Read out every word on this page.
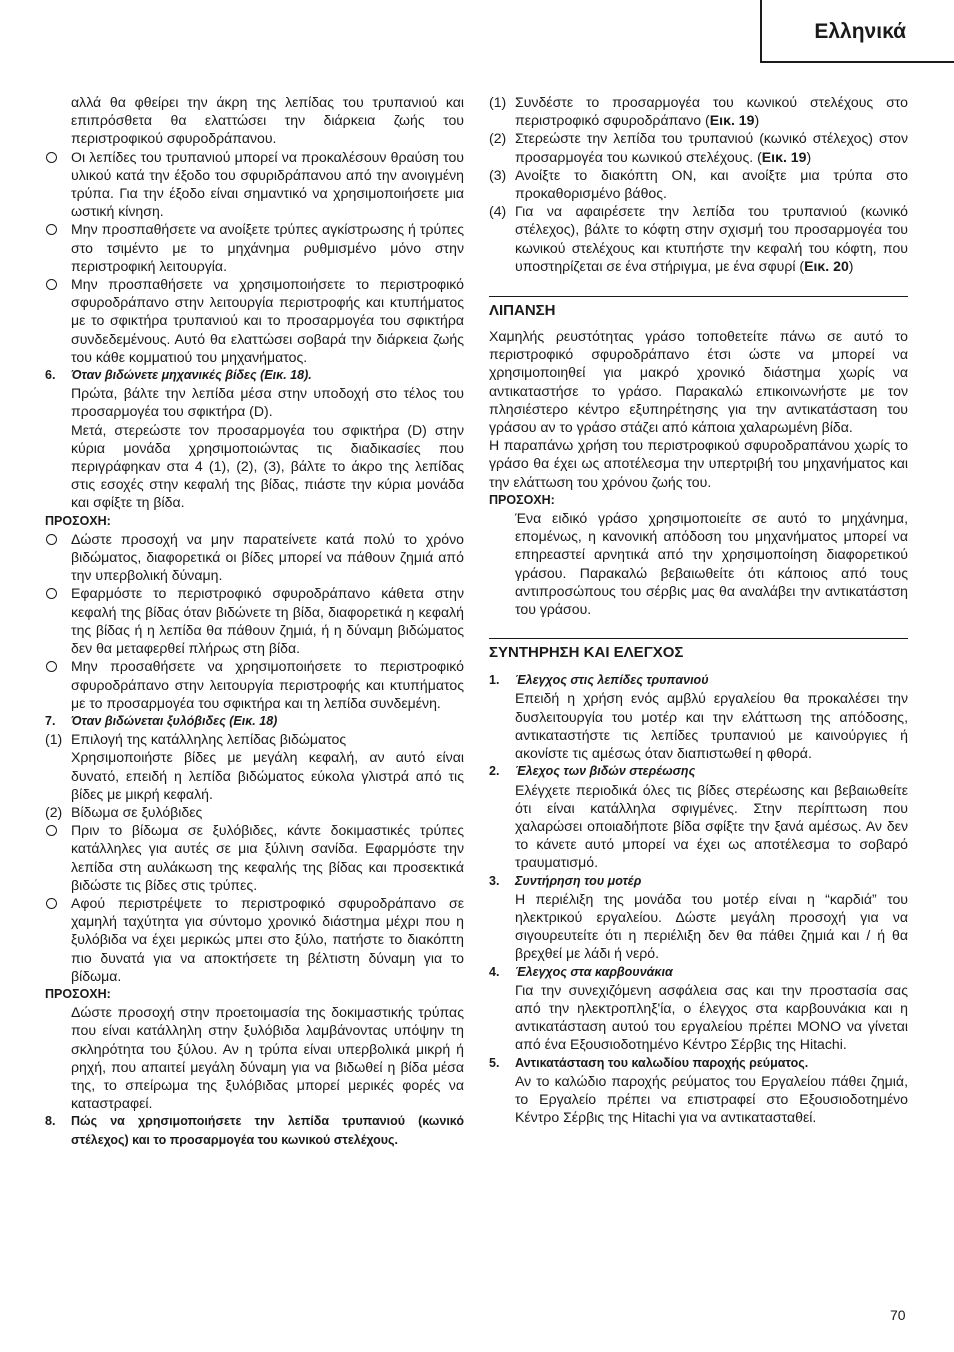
Ελληνικά

αλλά θα φθείρει την άκρη της λεπίδας του τρυπανιού και επιπρόσθετα θα ελαττώσει την διάρκεια ζωής του περιστροφικού σφυροδράπανου.

Οι λεπίδες του τρυπανιού μπορεί να προκαλέσουν θραύση του υλικού κατά την έξοδο του σφυριδράπανου από την ανοιγμένη τρύπα. Για την έξοδο είναι σημαντικό να χρησιμοποιήσετε μια ωστική κίνηση.

Μην προσπαθήσετε να ανοίξετε τρύπες αγκίστρωσης ή τρύπες στο τσιμέντο με το μηχάνημα ρυθμισμένο μόνο στην περιστροφική λειτουργία.

Μην προσπαθήσετε να χρησιμοποιήσετε το περιστροφικό σφυροδράπανο στην λειτουργία περιστροφής και κτυπήματος με το σφικτήρα τρυπανιού και το προσαρμογέα του σφικτήρα συνδεδεμένους. Αυτό θα ελαττώσει σοβαρά την διάρκεια ζωής του κάθε κομματιού του μηχανήματος.

6. Όταν βιδώνετε μηχανικές βίδες (Εικ. 18).

Πρώτα, βάλτε την λεπίδα μέσα στην υποδοχή στο τέλος του προσαρμογέα του σφικτήρα (D).

Μετά, στερεώστε τον προσαρμογέα του σφικτήρα (D) στην κύρια μονάδα χρησιμοποιώντας τις διαδικασίες που περιγράφηκαν στα 4 (1), (2), (3), βάλτε το άκρο της λεπίδας στις εσοχές στην κεφαλή της βίδας, πιάστε την κύρια μονάδα και σφίξτε τη βίδα.

ΠΡΟΣΟΧΗ:

Δώστε προσοχή να μην παρατείνετε κατά πολύ το χρόνο βιδώματος, διαφορετικά οι βίδες μπορεί να πάθουν ζημιά από την υπερβολική δύναμη.

Εφαρμόστε το περιστροφικό σφυροδράπανο κάθετα στην κεφαλή της βίδας όταν βιδώνετε τη βίδα, διαφορετικά η κεφαλή της βίδας ή η λεπίδα θα πάθουν ζημιά, ή η δύναμη βιδώματος δεν θα μεταφερθεί πλήρως στη βίδα.

Μην προσαθήσετε να χρησιμοποιήσετε το περιστροφικό σφυροδράπανο στην λειτουργία περιστροφής και κτυπήματος με το προσαρμογέα του σφικτήρα και τη λεπίδα συνδεμένη.

7. Όταν βιδώνεται ξυλόβιδες (Εικ. 18)

(1) Επιλογή της κατάλληλης λεπίδας βιδώματος

Χρησιμοποιήστε βίδες με μεγάλη κεφαλή, αν αυτό είναι δυνατό, επειδή η λεπίδα βιδώματος εύκολα γλιστρά από τις βίδες με μικρή κεφαλή.

(2) Βίδωμα σε ξυλόβιδες

Πριν το βίδωμα σε ξυλόβιδες, κάντε δοκιμαστικές τρύπες κατάλληλες για αυτές σε μια ξύλινη σανίδα. Εφαρμόστε την λεπίδα στη αυλάκωση της κεφαλής της βίδας και προσεκτικά βιδώστε τις βίδες στις τρύπες.

Αφού περιστρέψετε το περιστροφικό σφυροδράπανο σε χαμηλή ταχύτητα για σύντομο χρονικό διάστημα μέχρι που η ξυλόβιδα να έχει μερικώς μπει στο ξύλο, πατήστε το διακόπτη πιο δυνατά για να αποκτήσετε τη βέλτιστη δύναμη για το βίδωμα.

ΠΡΟΣΟΧΗ:

Δώστε προσοχή στην προετοιμασία της δοκιμαστικής τρύπας που είναι κατάλληλη στην ξυλόβιδα λαμβάνοντας υπόψην τη σκληρότητα του ξύλου. Αν η τρύπα είναι υπερβολικά μικρή ή ρηχή, που απαιτεί μεγάλη δύναμη για να βιδωθεί η βίδα μέσα της, το σπείρωμα της ξυλόβιδας μπορεί μερικές φορές να καταστραφεί.

8. Πώς να χρησιμοποιήσετε την λεπίδα τρυπανιού (κωνικό στέλεχος) και το προσαρμογέα του κωνικού στελέχους.

(1) Συνδέστε το προσαρμογέα του κωνικού στελέχους στο περιστροφικό σφυροδράπανο (Εικ. 19)

(2) Στερεώστε την λεπίδα του τρυπανιού (κωνικό στέλεχος) στον προσαρμογέα του κωνικού στελέχους. (Εικ. 19)

(3) Ανοίξτε το διακόπτη ON, και ανοίξτε μια τρύπα στο προκαθορισμένο βάθος.

(4) Για να αφαιρέσετε την λεπίδα του τρυπανιού (κωνικό στέλεχος), βάλτε το κόφτη στην σχισμή του προσαρμογέα του κωνικού στελέχους και κτυπήστε την κεφαλή του κόφτη, που υποστηρίζεται σε ένα στήριγμα, με ένα σφυρί (Εικ. 20)

ΛΙΠΑΝΣΗ

Χαμηλής ρευστότητας γράσο τοποθετείτε πάνω σε αυτό το περιστροφικό σφυροδράπανο έτσι ώστε να μπορεί να χρησιμοποιηθεί για μακρό χρονικό διάστημα χωρίς να αντικαταστήσε το γράσο. Παρακαλώ επικοινωνήστε με τον πλησιέστερο κέντρο εξυπηρέτησης για την αντικατάσταση του γράσου αν το γράσο στάζει από κάποια χαλαρωμένη βίδα.

Η παραπάνω χρήση του περιστροφικού σφυροδραπάνου χωρίς το γράσο θα έχει ως αποτέλεσμα την υπερτριβή του μηχανήματος και την ελάττωση του χρόνου ζωής του.

ΠΡΟΣΟΧΗ:

Ένα ειδικό γράσο χρησιμοποιείτε σε αυτό το μηχάνημα, επομένως, η κανονική απόδοση του μηχανήματος μπορεί να επηρεαστεί αρνητικά από την χρησιμοποίηση διαφορετικού γράσου. Παρακαλώ βεβαιωθείτε ότι κάποιος από τους αντιπροσώπους του σέρβις μας θα αναλάβει την αντικατάστση του γράσου.

ΣΥΝΤΗΡΗΣΗ ΚΑΙ ΕΛΕΓΧΟΣ

1. Έλεγχος στις λεπίδες τρυπανιού

Επειδή η χρήση ενός αμβλύ εργαλείου θα προκαλέσει την δυσλειτουργία του μοτέρ και την ελάττωση της απόδοσης, αντικαταστήστε τις λεπίδες τρυπανιού με καινούργιες ή ακονίστε τις αμέσως όταν διαπιστωθεί η φθορά.

2. Έλεχος των βιδών στερέωσης

Ελέγχετε περιοδικά όλες τις βίδες στερέωσης και βεβαιωθείτε ότι είναι κατάλληλα σφιγμένες. Στην περίπτωση που χαλαρώσει οποιαδήποτε βίδα σφίξτε την ξανά αμέσως. Αν δεν το κάνετε αυτό μπορεί να έχει ως αποτέλεσμα το σοβαρό τραυματισμό.

3. Συντήρηση του μοτέρ

Η περιέλιξη της μονάδα του μοτέρ είναι η “καρδιά” του ηλεκτρικού εργαλείου. Δώστε μεγάλη προσοχή για να σιγουρευτείτε ότι η περιέλιξη δεν θα πάθει ζημιά και / ή θα βρεχθεί με λάδι ή νερό.

4. Έλεγχος στα καρβουνάκια

Για την συνεχιζόμενη ασφάλεια σας και την προστασία σας από την ηλεκτροπληξ'ία, ο έλεγχος στα καρβουνάκια και η αντικατάσταση αυτού του εργαλείου πρέπει ΜΟΝΟ να γίνεται από ένα Εξουσιοδοτημένο Κέντρο Σέρβις της Hitachi.

5. Αντικατάσταση του καλωδίου παροχής ρεύματος.

Αν το καλώδιο παροχής ρεύματος του Εργαλείου πάθει ζημιά, το Εργαλείο πρέπει να επιστραφεί στο Εξουσιοδοτημένο Κέντρο Σέρβις της Hitachi για να αντικατασταθεί.

70
